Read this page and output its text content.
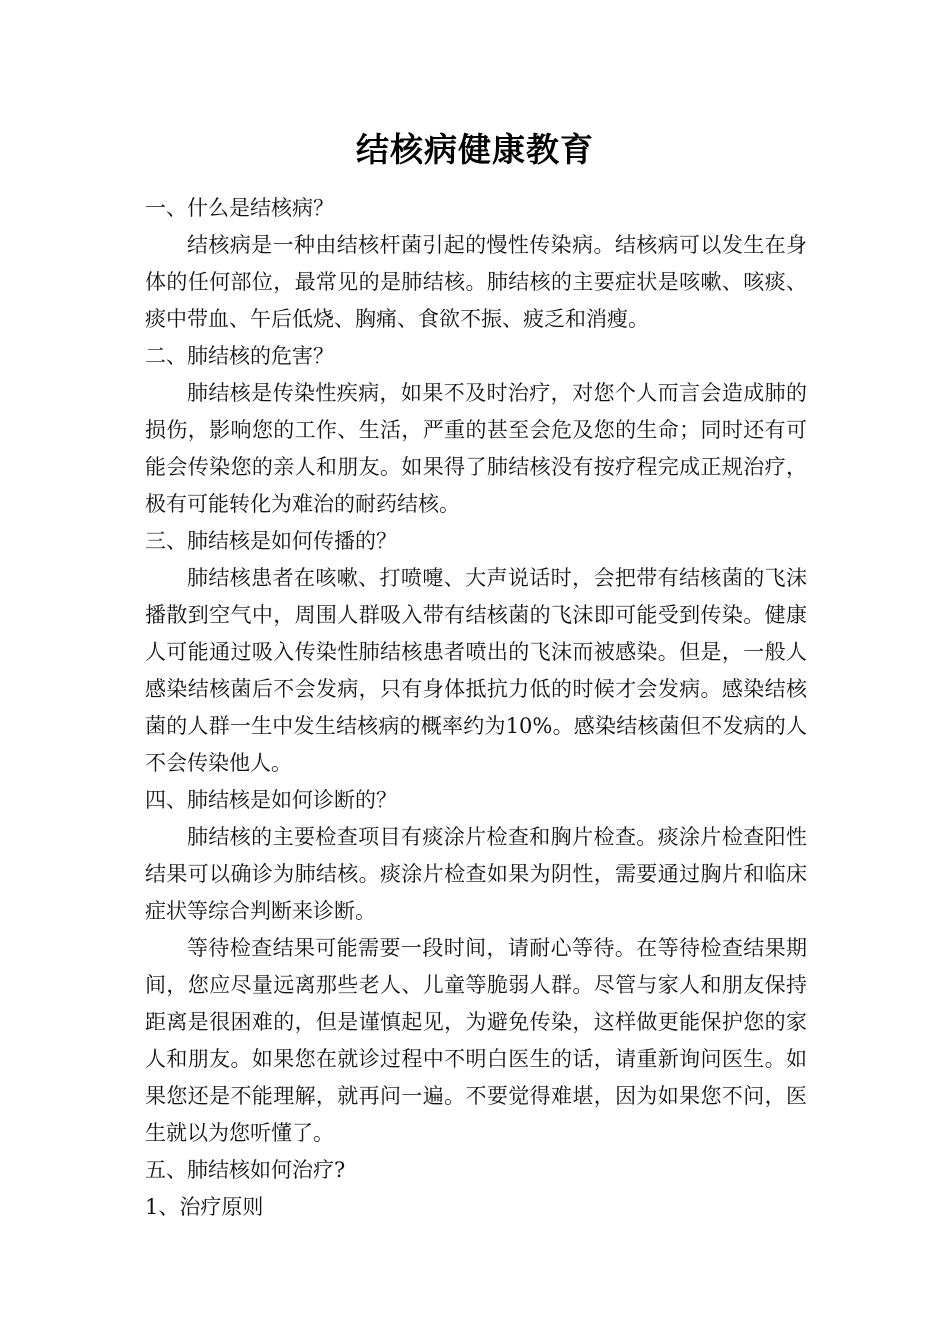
结核病健康教育

一、什么是结核病？

结核病是一种由结核杆菌引起的慢性传染病。结核病可以发生在身体的任何部位，最常见的是肺结核。肺结核的主要症状是咳嗽、咳痰、痰中带血、午后低烧、胸痛、食欲不振、疲乏和消瘦。

二、肺结核的危害？

肺结核是传染性疾病，如果不及时治疗，对您个人而言会造成肺的损伤，影响您的工作、生活，严重的甚至会危及您的生命；同时还有可能会传染您的亲人和朋友。如果得了肺结核没有按疗程完成正规治疗，极有可能转化为难治的耐药结核。

三、肺结核是如何传播的？

肺结核患者在咳嗽、打喷嚏、大声说话时，会把带有结核菌的飞沫播散到空气中，周围人群吸入带有结核菌的飞沫即可能受到传染。健康人可能通过吸入传染性肺结核患者喷出的飞沫而被感染。但是，一般人感染结核菌后不会发病，只有身体抵抗力低的时候才会发病。感染结核菌的人群一生中发生结核病的概率约为10%。感染结核菌但不发病的人不会传染他人。

四、肺结核是如何诊断的？

肺结核的主要检查项目有痰涂片检查和胸片检查。痰涂片检查阳性结果可以确诊为肺结核。痰涂片检查如果为阴性，需要通过胸片和临床症状等综合判断来诊断。

等待检查结果可能需要一段时间，请耐心等待。在等待检查结果期间，您应尽量远离那些老人、儿童等脆弱人群。尽管与家人和朋友保持距离是很困难的，但是谨慎起见，为避免传染，这样做更能保护您的家人和朋友。如果您在就诊过程中不明白医生的话，请重新询问医生。如果您还是不能理解，就再问一遍。不要觉得难堪，因为如果您不问，医生就以为您听懂了。

五、肺结核如何治疗?

1、治疗原则
